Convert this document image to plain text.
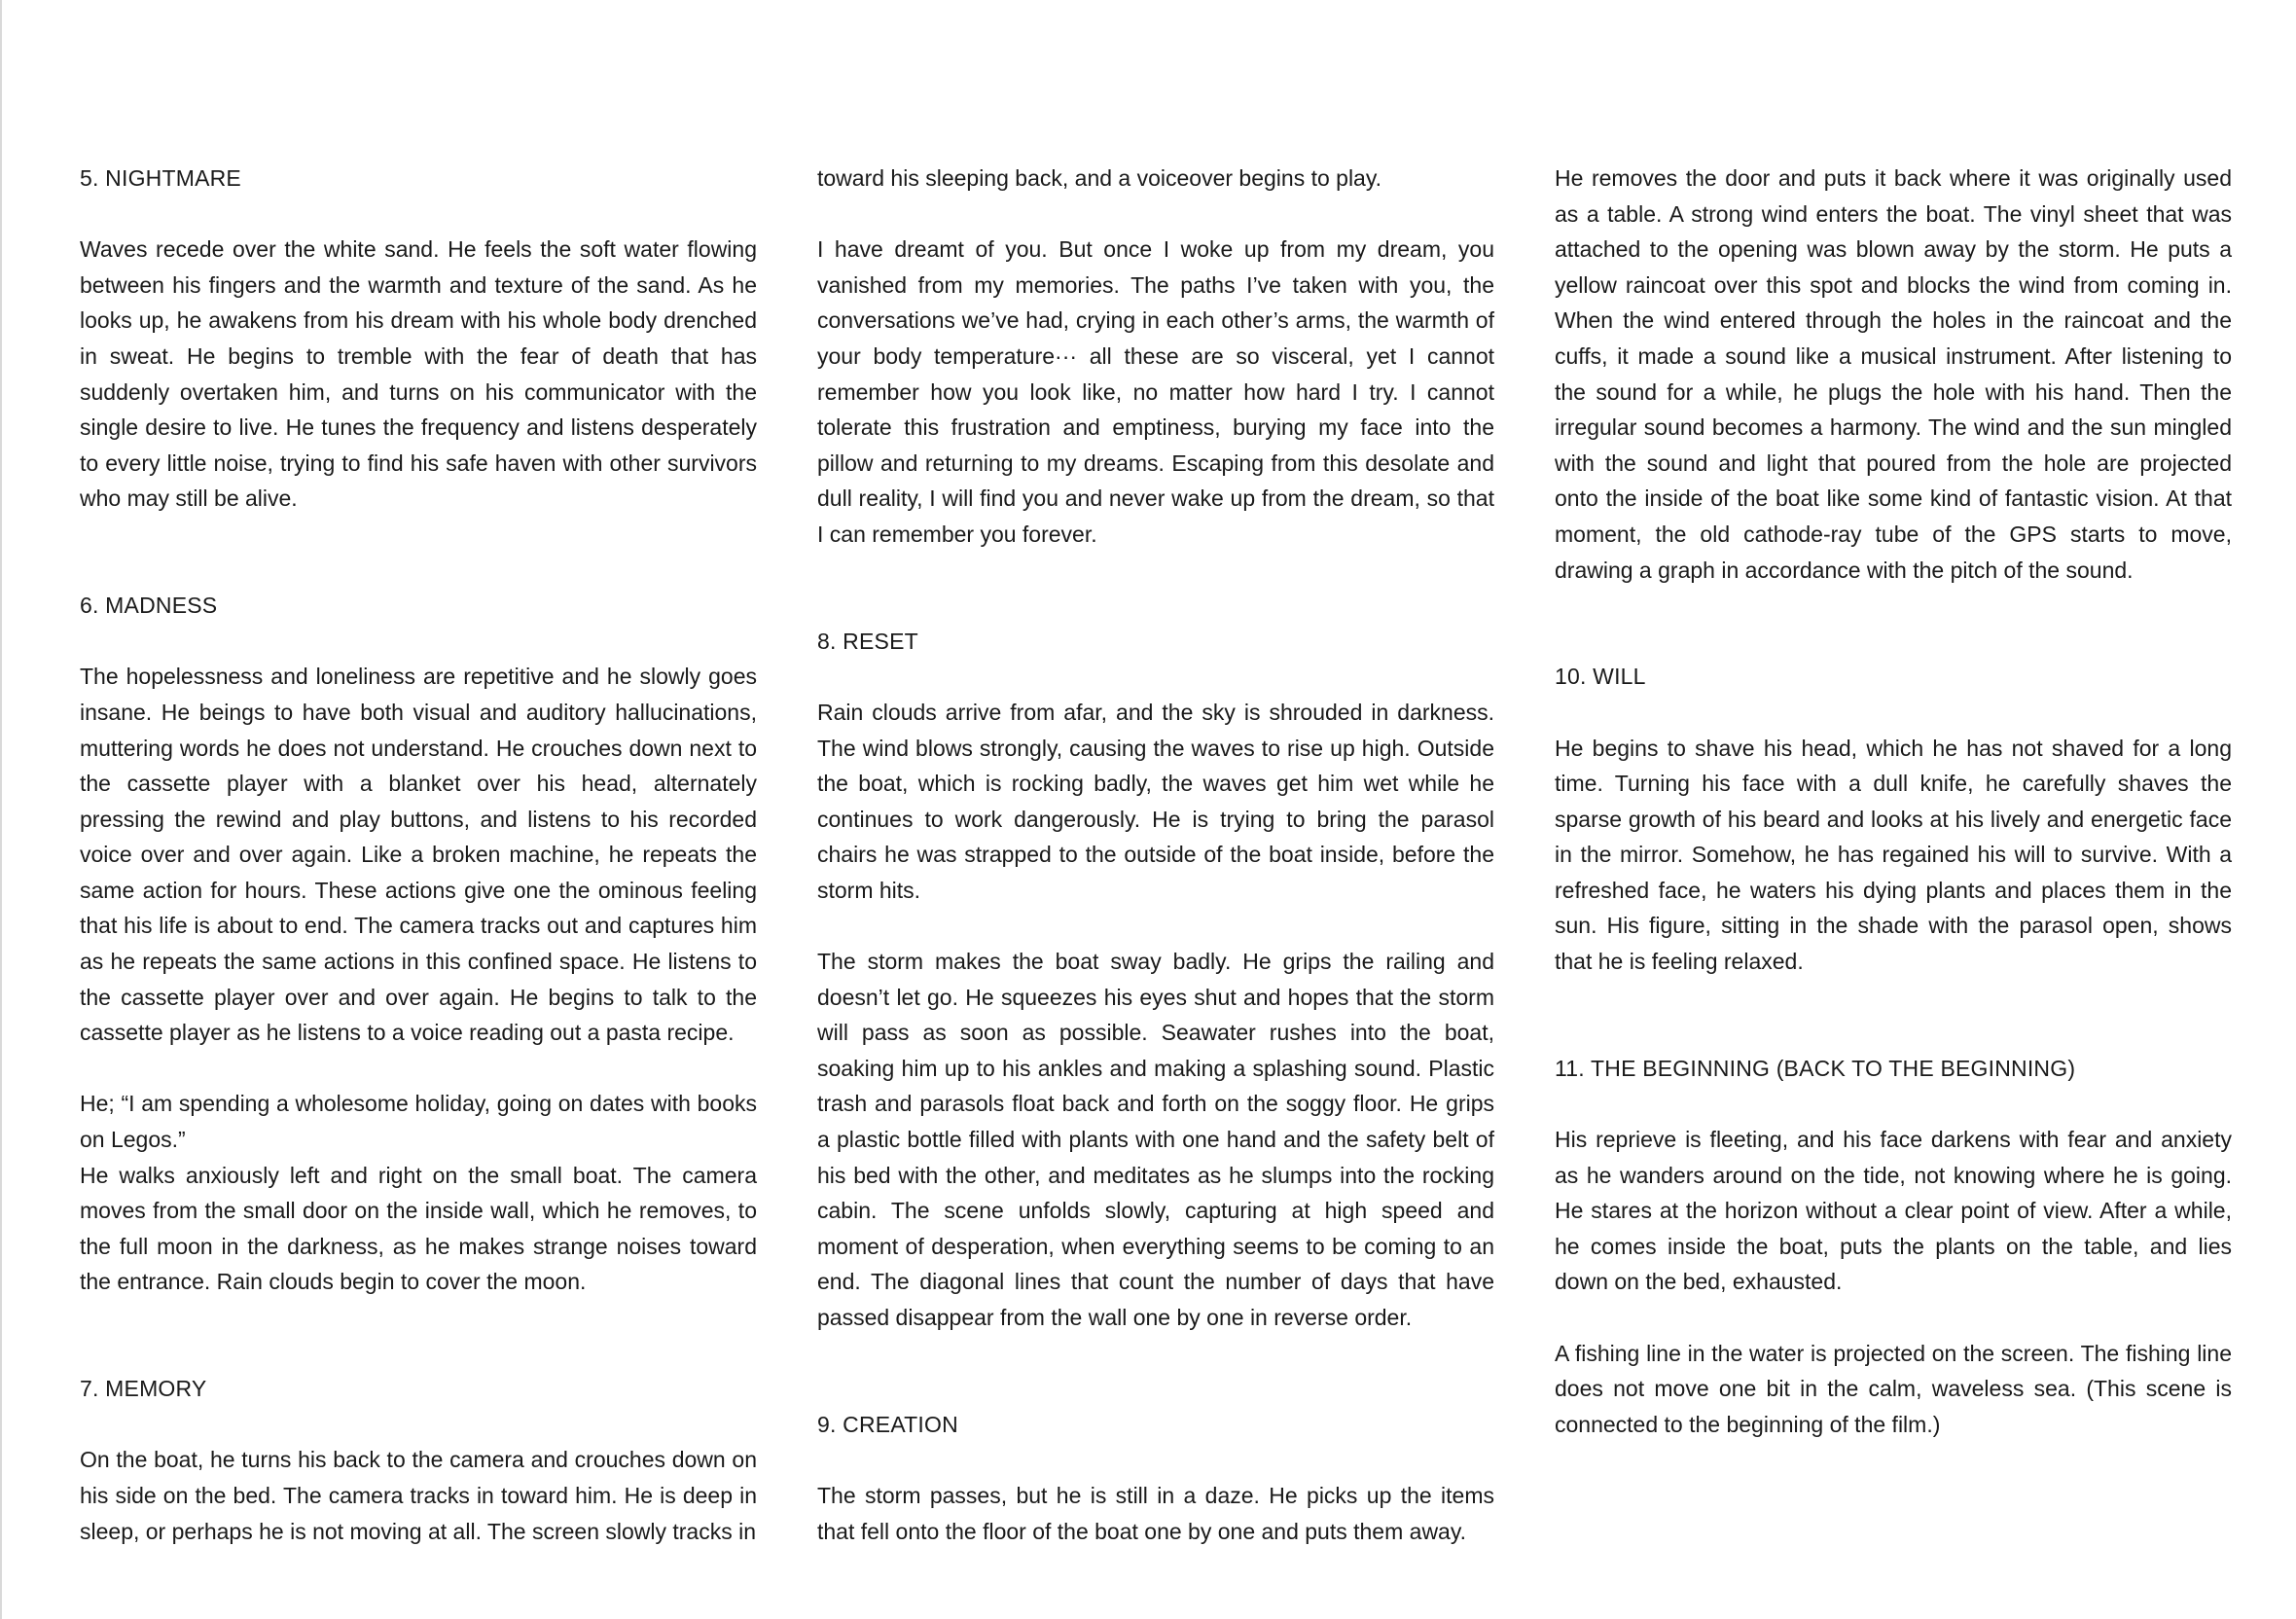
5. NIGHTMARE

Waves recede over the white sand. He feels the soft water flowing between his fingers and the warmth and texture of the sand. As he looks up, he awakens from his dream with his whole body drenched in sweat. He begins to tremble with the fear of death that has suddenly overtaken him, and turns on his communicator with the single desire to live. He tunes the frequency and listens desperately to every little noise, trying to find his safe haven with other survivors who may still be alive.

6. MADNESS

The hopelessness and loneliness are repetitive and he slowly goes insane. He beings to have both visual and auditory hallucinations, muttering words he does not understand. He crouches down next to the cassette player with a blanket over his head, alternately pressing the rewind and play buttons, and listens to his recorded voice over and over again. Like a broken machine, he repeats the same action for hours. These actions give one the ominous feeling that his life is about to end. The camera tracks out and captures him as he repeats the same actions in this confined space. He listens to the cassette player over and over again. He begins to talk to the cassette player as he listens to a voice reading out a pasta recipe.

He; “I am spending a wholesome holiday, going on dates with books on Legos.”

He walks anxiously left and right on the small boat. The camera moves from the small door on the inside wall, which he removes, to the full moon in the darkness, as he makes strange noises toward the entrance. Rain clouds begin to cover the moon.

7. MEMORY

On the boat, he turns his back to the camera and crouches down on his side on the bed. The camera tracks in toward him. He is deep in sleep, or perhaps he is not moving at all. The screen slowly tracks in

toward his sleeping back, and a voiceover begins to play.

I have dreamt of you. But once I woke up from my dream, you vanished from my memories. The paths I’ve taken with you, the conversations we’ve had, crying in each other’s arms, the warmth of your body temperature··· all these are so visceral, yet I cannot remember how you look like, no matter how hard I try. I cannot tolerate this frustration and emptiness, burying my face into the pillow and returning to my dreams. Escaping from this desolate and dull reality, I will find you and never wake up from the dream, so that I can remember you forever.

8. RESET

Rain clouds arrive from afar, and the sky is shrouded in darkness. The wind blows strongly, causing the waves to rise up high. Outside the boat, which is rocking badly, the waves get him wet while he continues to work dangerously. He is trying to bring the parasol chairs he was strapped to the outside of the boat inside, before the storm hits.

The storm makes the boat sway badly. He grips the railing and doesn’t let go. He squeezes his eyes shut and hopes that the storm will pass as soon as possible. Seawater rushes into the boat, soaking him up to his ankles and making a splashing sound. Plastic trash and parasols float back and forth on the soggy floor. He grips a plastic bottle filled with plants with one hand and the safety belt of his bed with the other, and meditates as he slumps into the rocking cabin. The scene unfolds slowly, capturing at high speed and moment of desperation, when everything seems to be coming to an end. The diagonal lines that count the number of days that have passed disappear from the wall one by one in reverse order.

9. CREATION

The storm passes, but he is still in a daze. He picks up the items that fell onto the floor of the boat one by one and puts them away.

He removes the door and puts it back where it was originally used as a table. A strong wind enters the boat. The vinyl sheet that was attached to the opening was blown away by the storm. He puts a yellow raincoat over this spot and blocks the wind from coming in. When the wind entered through the holes in the raincoat and the cuffs, it made a sound like a musical instrument. After listening to the sound for a while, he plugs the hole with his hand. Then the irregular sound becomes a harmony. The wind and the sun mingled with the sound and light that poured from the hole are projected onto the inside of the boat like some kind of fantastic vision. At that moment, the old cathode-ray tube of the GPS starts to move, drawing a graph in accordance with the pitch of the sound.

10. WILL

He begins to shave his head, which he has not shaved for a long time. Turning his face with a dull knife, he carefully shaves the sparse growth of his beard and looks at his lively and energetic face in the mirror. Somehow, he has regained his will to survive. With a refreshed face, he waters his dying plants and places them in the sun. His figure, sitting in the shade with the parasol open, shows that he is feeling relaxed.

11. THE BEGINNING (BACK TO THE BEGINNING)

His reprieve is fleeting, and his face darkens with fear and anxiety as he wanders around on the tide, not knowing where he is going. He stares at the horizon without a clear point of view. After a while, he comes inside the boat, puts the plants on the table, and lies down on the bed, exhausted.

A fishing line in the water is projected on the screen. The fishing line does not move one bit in the calm, waveless sea. (This scene is connected to the beginning of the film.)
